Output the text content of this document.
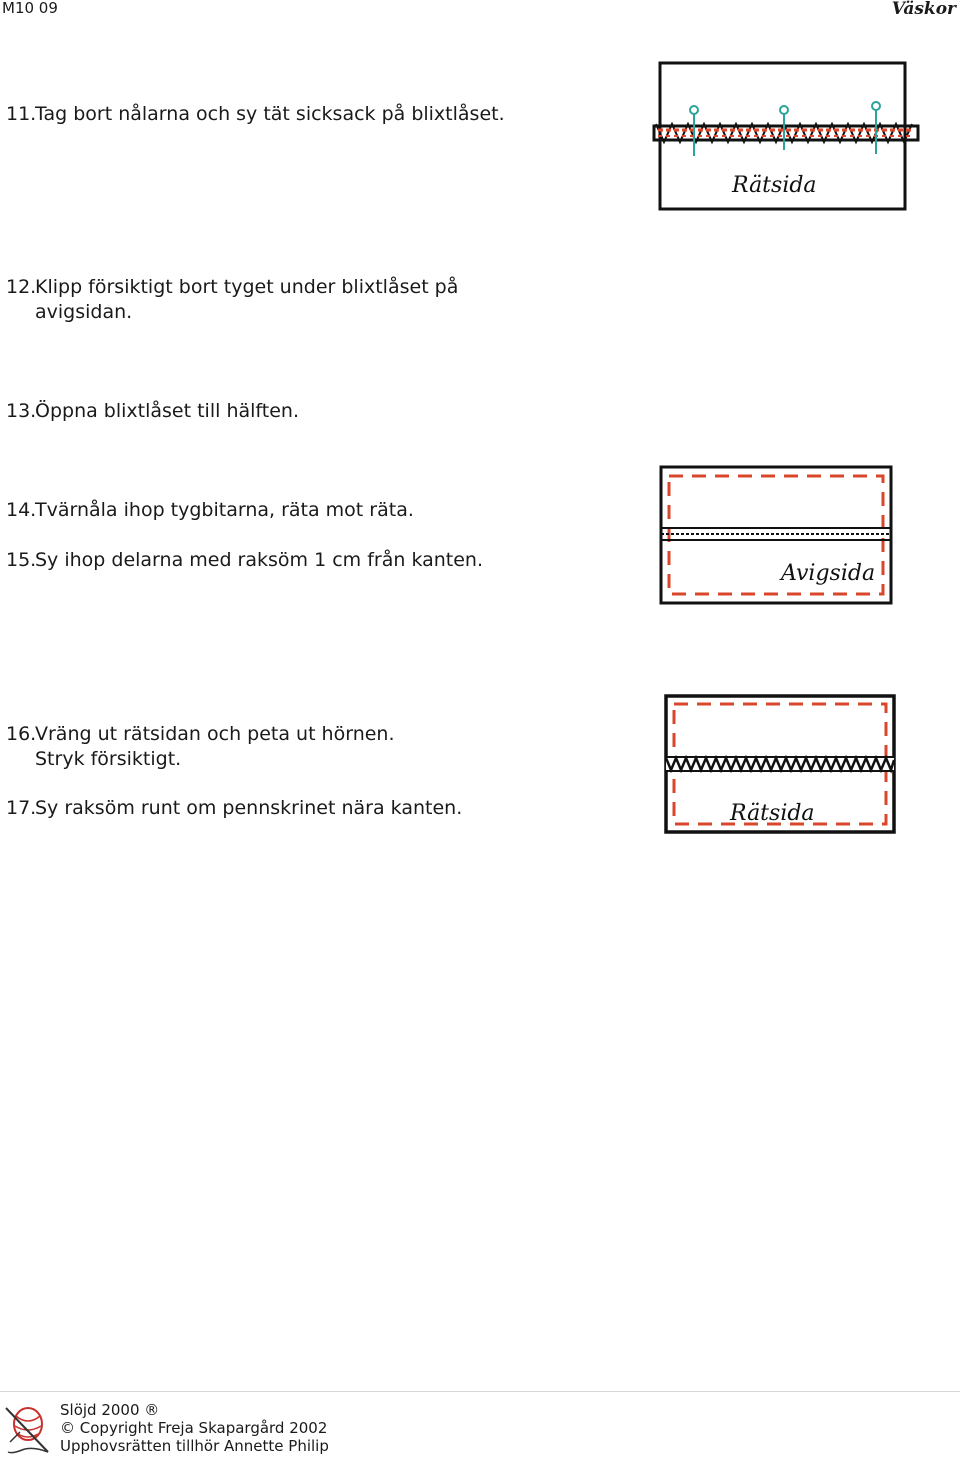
M10 09	Väskor
11.Tag bort nålarna och sy tät sicksack på blixtlåset.
12.Klipp försiktigt bort tyget under blixtlåset på
avigsidan.
13.Öppna blixtlåset till hälften.
14.Tvärnåla ihop tygbitarna, räta mot räta.
15.Sy ihop delarna med raksöm 1 cm från kanten.
16.Vräng ut rätsidan och peta ut hörnen.
Stryk försiktigt.
17.Sy raksöm runt om pennskrinet nära kanten.
Rätsida
Avigsida
Rätsida
Slöjd 2000 ®
© Copyright Freja Skapargård 2002
Upphovsrätten tillhör Annette Philip
